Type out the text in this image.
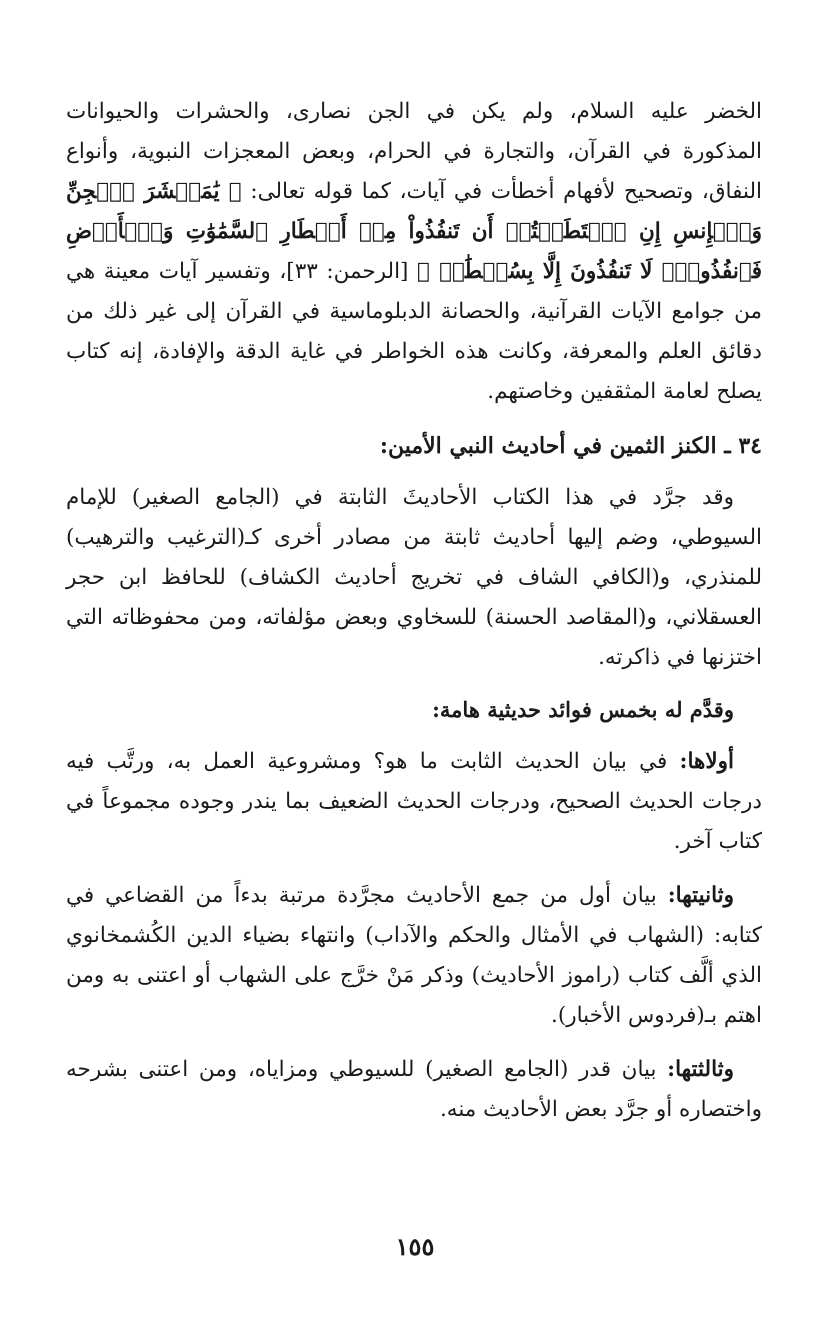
الخضر عليه السلام، ولم يكن في الجن نصارى، والحشرات والحيوانات المذكورة في القرآن، والتجارة في الحرام، وبعض المعجزات النبوية، وأنواع النفاق، وتصحيح لأفهام أخطأت في آيات، كما قوله تعالى: ﴿ يَٰمَعۡشَرَ ٱلۡجِنِّ وَٱلۡإِنسِ إِنِ ٱسۡتَطَعۡتُمۡ أَن تَنفُذُواْ مِنۡ أَقۡطَارِ ٱلسَّمَٰوَٰتِ وَٱلۡأَرۡضِ فَٱنفُذُواْۚ لَا تَنفُذُونَ إِلَّا بِسُلۡطَٰنٖ ﴾ [الرحمن: ٣٣]، وتفسير آيات معينة هي من جوامع الآيات القرآنية، والحصانة الدبلوماسية في القرآن إلى غير ذلك من دقائق العلم والمعرفة، وكانت هذه الخواطر في غاية الدقة والإفادة، إنه كتاب يصلح لعامة المثقفين وخاصتهم.

٣٤ ـ الكنز الثمين في أحاديث النبي الأمين:

وقد جرَّد في هذا الكتاب الأحاديثَ الثابتة في (الجامع الصغير) للإمام السيوطي، وضم إليها أحاديث ثابتة من مصادر أخرى كـ(الترغيب والترهيب) للمنذري، و(الكافي الشاف في تخريج أحاديث الكشاف) للحافظ ابن حجر العسقلاني، و(المقاصد الحسنة) للسخاوي وبعض مؤلفاته، ومن محفوظاته التي اختزنها في ذاكرته.

وقدَّم له بخمس فوائد حديثية هامة:

أولاها: في بيان الحديث الثابت ما هو؟ ومشروعية العمل به، ورتَّب فيه درجات الحديث الصحيح، ودرجات الحديث الضعيف بما يندر وجوده مجموعاً في كتاب آخر.

وثانيتها: بيان أول من جمع الأحاديث مجرَّدة مرتبة بدءاً من القضاعي في كتابه: (الشهاب في الأمثال والحكم والآداب) وانتهاء بضياء الدين الكُشمخانوي الذي ألَّف كتاب (راموز الأحاديث) وذكر مَنْ خرَّج على الشهاب أو اعتنى به ومن اهتم بـ(فردوس الأخبار).

وثالثتها: بيان قدر (الجامع الصغير) للسيوطي ومزاياه، ومن اعتنى بشرحه واختصاره أو جرَّد بعض الأحاديث منه.

١٥٥
